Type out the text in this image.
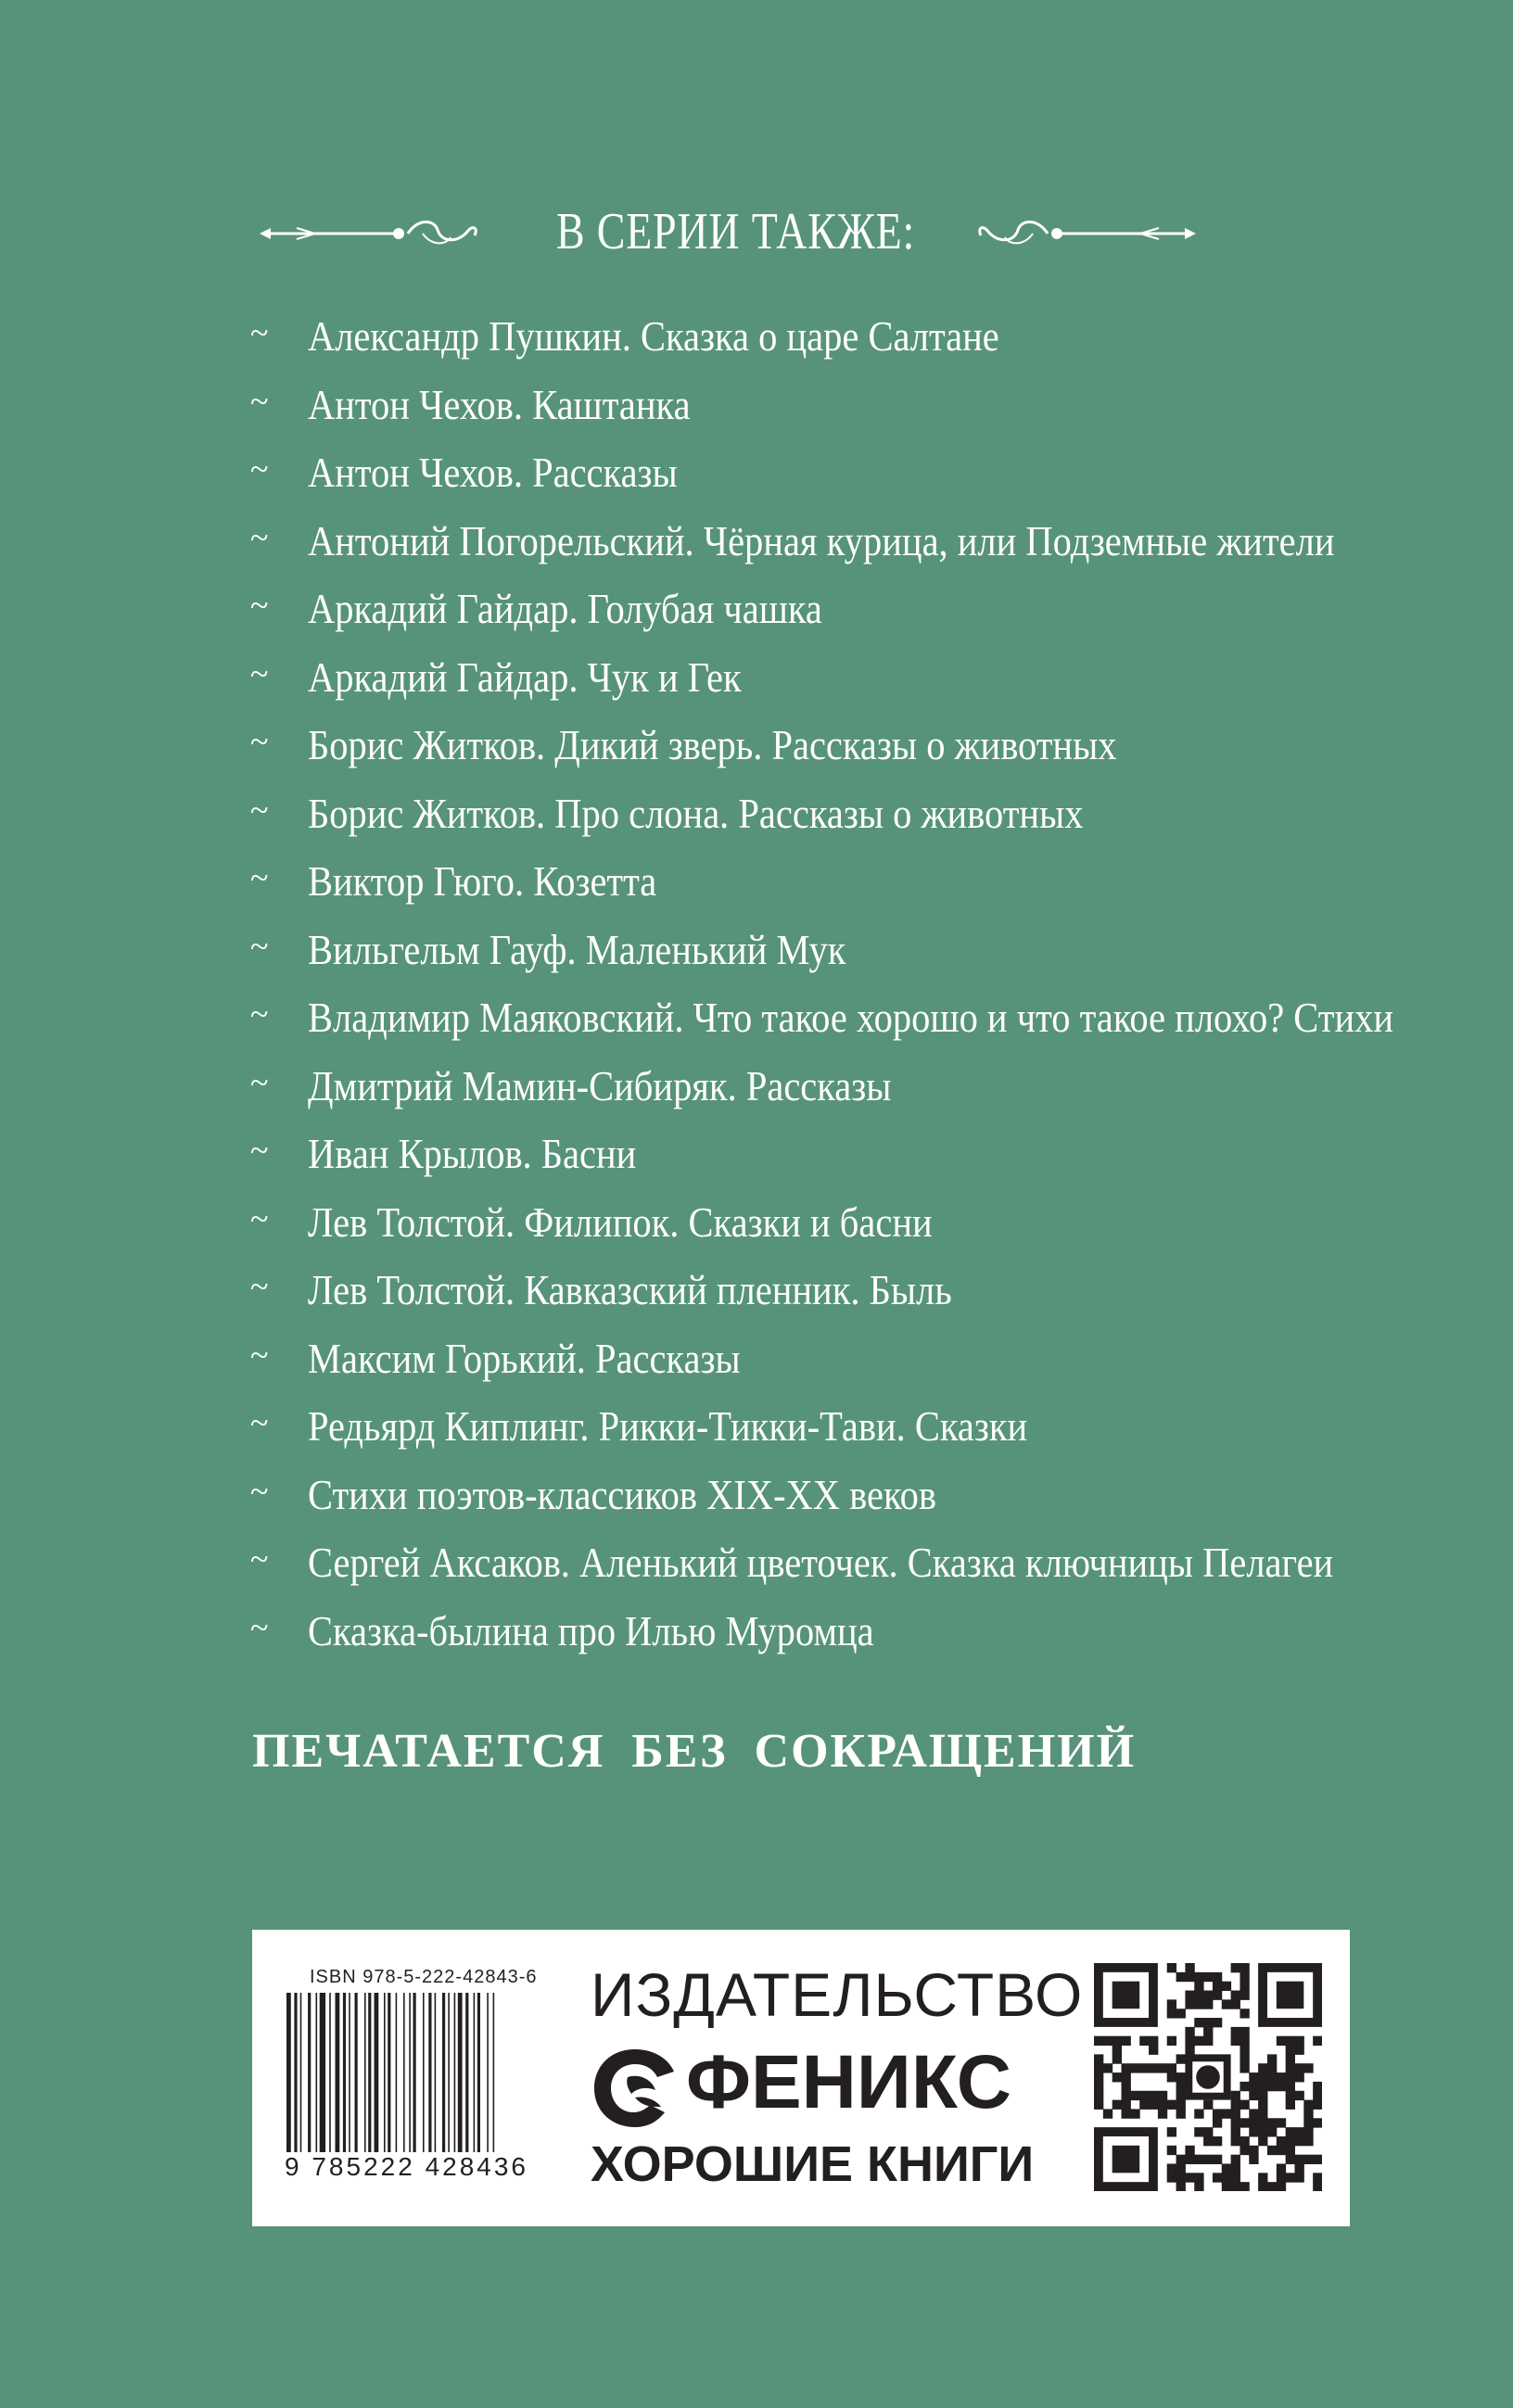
В СЕРИИ ТАКЖЕ:
~ Александр Пушкин. Сказка о царе Салтане
~ Антон Чехов. Каштанка
~ Антон Чехов. Рассказы
~ Антоний Погорельский. Чёрная курица, или Подземные жители
~ Аркадий Гайдар. Голубая чашка
~ Аркадий Гайдар. Чук и Гек
~ Борис Житков. Дикий зверь. Рассказы о животных
~ Борис Житков. Про слона. Рассказы о животных
~ Виктор Гюго. Козетта
~ Вильгельм Гауф. Маленький Мук
~ Владимир Маяковский. Что такое хорошо и что такое плохо? Стихи
~ Дмитрий Мамин-Сибиряк. Рассказы
~ Иван Крылов. Басни
~ Лев Толстой. Филипок. Сказки и басни
~ Лев Толстой. Кавказский пленник. Быль
~ Максим Горький. Рассказы
~ Редьярд Киплинг. Рикки-Тикки-Тави. Сказки
~ Стихи поэтов-классиков XIX-XX веков
~ Сергей Аксаков. Аленький цветочек. Сказка ключницы Пелагеи
~ Сказка-былина про Илью Муромца
ПЕЧАТАЕТСЯ БЕЗ СОКРАЩЕНИЙ
ISBN 978-5-222-42843-6
9 785222 428436
ИЗДАТЕЛЬСТВО
ФЕНИКС
ХОРОШИЕ КНИГИ
